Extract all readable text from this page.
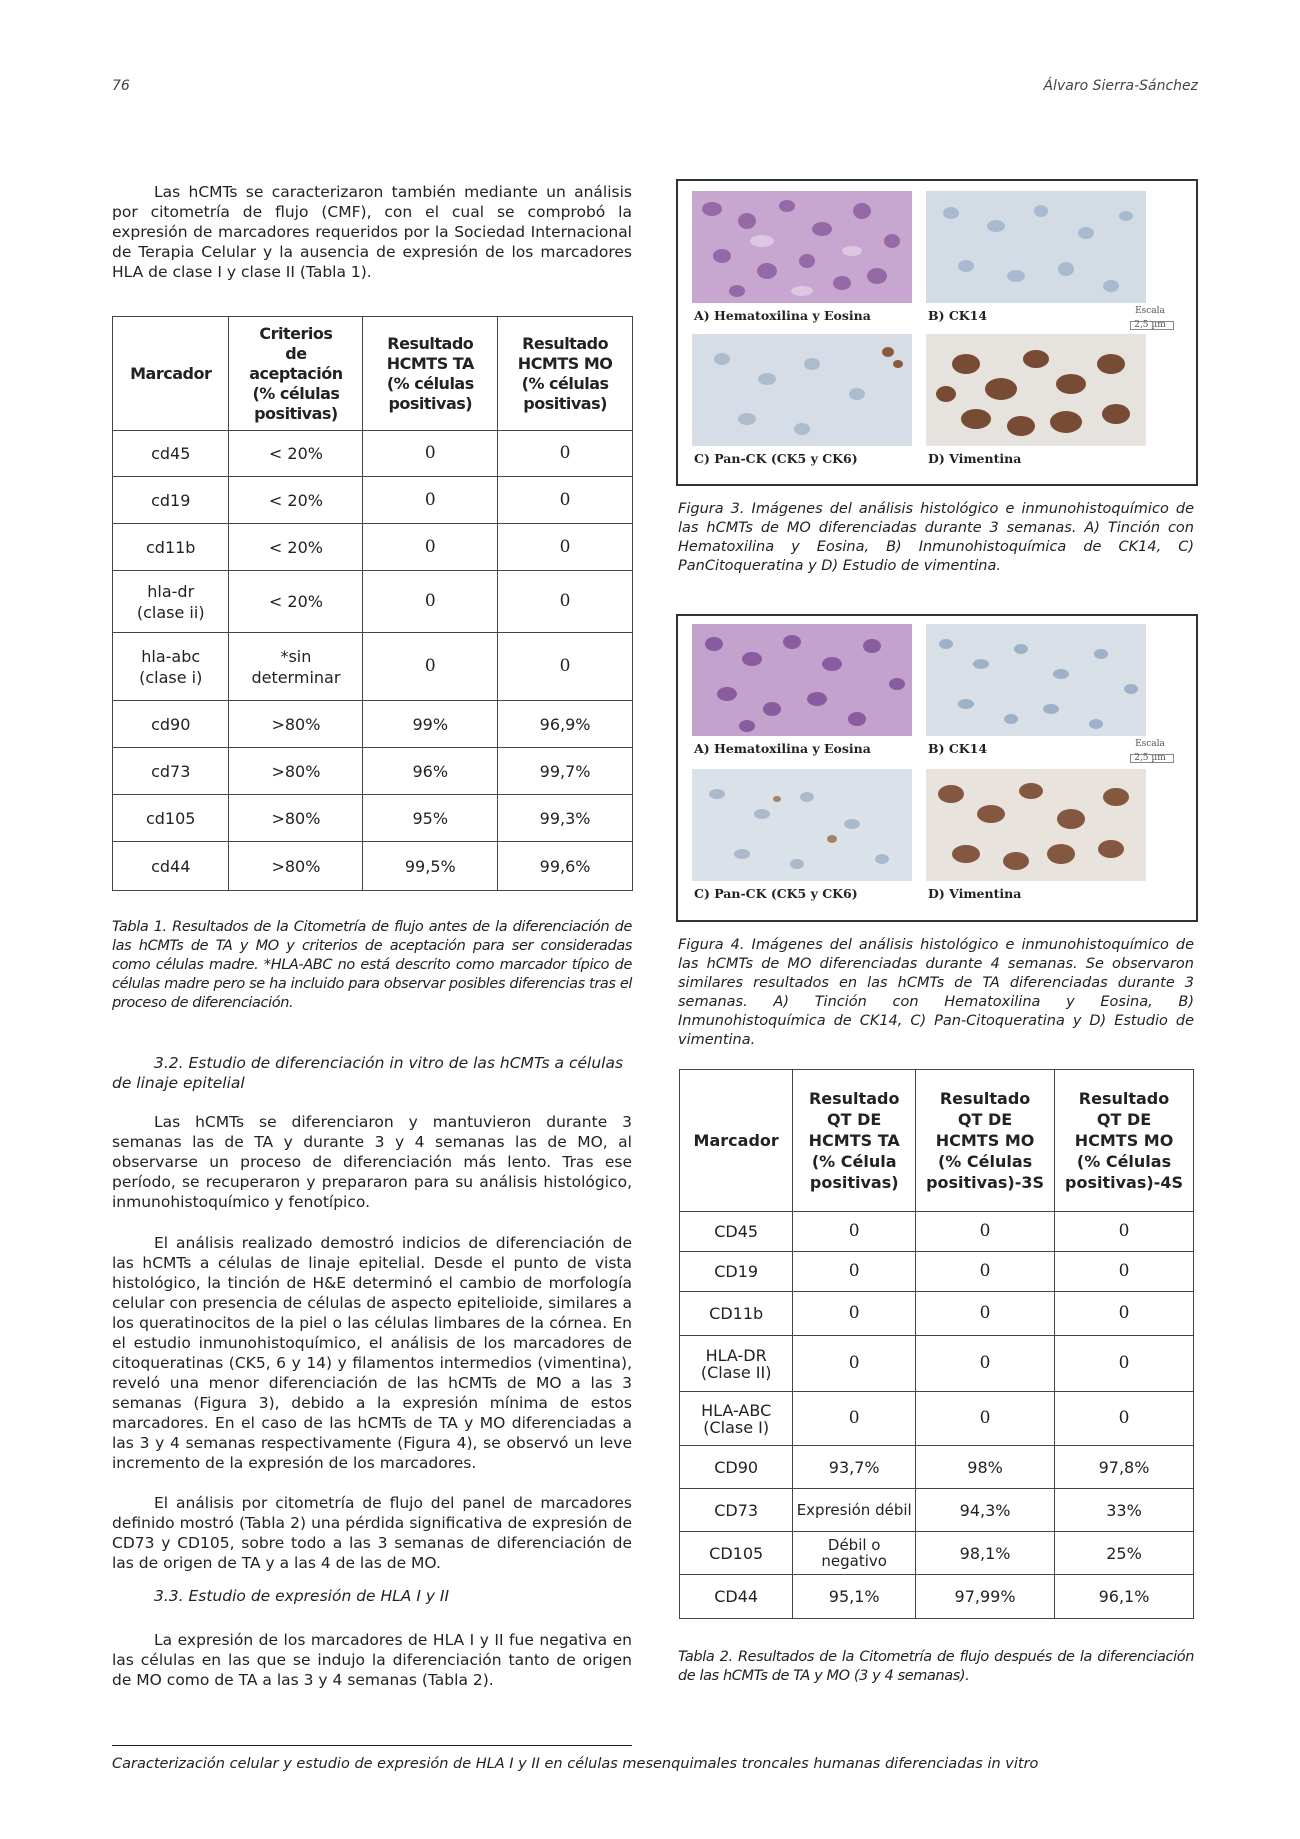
76	Álvaro Sierra-Sánchez
Las hCMTs se caracterizaron también mediante un análisis por citometría de flujo (CMF), con el cual se comprobó la expresión de marcadores requeridos por la Sociedad Internacional de Terapia Celular y la ausencia de expresión de los marcadores HLA de clase I y clase II (Tabla 1).
Marcador	Criterios de aceptación (% células positivas)	Resultado HCMTS TA (% células positivas)	Resultado HCMTS MO (% células positivas)
cd45	< 20%	0	0
cd19	< 20%	0	0
cd11b	< 20%	0	0
hla-dr (clase ii)	< 20%	0	0
hla-abc (clase i)	*sin determinar	0	0
cd90	>80%	99%	96,9%
cd73	>80%	96%	99,7%
cd105	>80%	95%	99,3%
cd44	>80%	99,5%	99,6%
Tabla 1. Resultados de la Citometría de flujo antes de la diferenciación de las hCMTs de TA y MO y criterios de aceptación para ser consideradas como células madre. *HLA-ABC no está descrito como marcador típico de células madre pero se ha incluido para observar posibles diferencias tras el proceso de diferenciación.
3.2. Estudio de diferenciación in vitro de las hCMTs a células de linaje epitelial
Las hCMTs se diferenciaron y mantuvieron durante 3 semanas las de TA y durante 3 y 4 semanas las de MO, al observarse un proceso de diferenciación más lento. Tras ese período, se recuperaron y prepararon para su análisis histológico, inmunohistoquímico y fenotípico.
El análisis realizado demostró indicios de diferenciación de las hCMTs a células de linaje epitelial. Desde el punto de vista histológico, la tinción de H&E determinó el cambio de morfología celular con presencia de células de aspecto epitelioide, similares a los queratinocitos de la piel o las células limbares de la córnea. En el estudio inmunohistoquímico, el análisis de los marcadores de citoqueratinas (CK5, 6 y 14) y filamentos intermedios (vimentina), reveló una menor diferenciación de las hCMTs de MO a las 3 semanas (Figura 3), debido a la expresión mínima de estos marcadores. En el caso de las hCMTs de TA y MO diferenciadas a las 3 y 4 semanas respectivamente (Figura 4), se observó un leve incremento de la expresión de los marcadores.
El análisis por citometría de flujo del panel de marcadores definido mostró (Tabla 2) una pérdida significativa de expresión de CD73 y CD105, sobre todo a las 3 semanas de diferenciación de las de origen de TA y a las 4 de las de MO.
3.3. Estudio de expresión de HLA I y II
La expresión de los marcadores de HLA I y II fue negativa en las células en las que se indujo la diferenciación tanto de origen de MO como de TA a las 3 y 4 semanas (Tabla 2).
A) Hematoxilina y Eosina	B) CK14	Escala
2,5 µm
C) Pan-CK (CK5 y CK6)	D) Vimentina
Figura 3. Imágenes del análisis histológico e inmunohistoquímico de las hCMTs de MO diferenciadas durante 3 semanas. A) Tinción con Hematoxilina y Eosina, B) Inmunohistoquímica de CK14, C) PanCitoqueratina y D) Estudio de vimentina.
A) Hematoxilina y Eosina	B) CK14	Escala
2,5 µm
C) Pan-CK (CK5 y CK6)	D) Vimentina
Figura 4. Imágenes del análisis histológico e inmunohistoquímico de las hCMTs de MO diferenciadas durante 4 semanas. Se observaron similares resultados en las hCMTs de TA diferenciadas durante 3 semanas. A) Tinción con Hematoxilina y Eosina, B) Inmunohistoquímica de CK14, C) Pan-Citoqueratina y D) Estudio de vimentina.
Marcador	Resultado QT DE HCMTS TA (% Célula positivas)	Resultado QT DE HCMTS MO (% Células positivas)-3S	Resultado QT DE HCMTS MO (% Células positivas)-4S
CD45	0	0	0
CD19	0	0	0
CD11b	0	0	0
HLA-DR (Clase II)	0	0	0
HLA-ABC (Clase I)	0	0	0
CD90	93,7%	98%	97,8%
CD73	Expresión débil	94,3%	33%
CD105	Débil o negativo	98,1%	25%
CD44	95,1%	97,99%	96,1%
Tabla 2. Resultados de la Citometría de flujo después de la diferenciación de las hCMTs de TA y MO (3 y 4 semanas).
Caracterización celular y estudio de expresión de HLA I y II en células mesenquimales troncales humanas diferenciadas in vitro
